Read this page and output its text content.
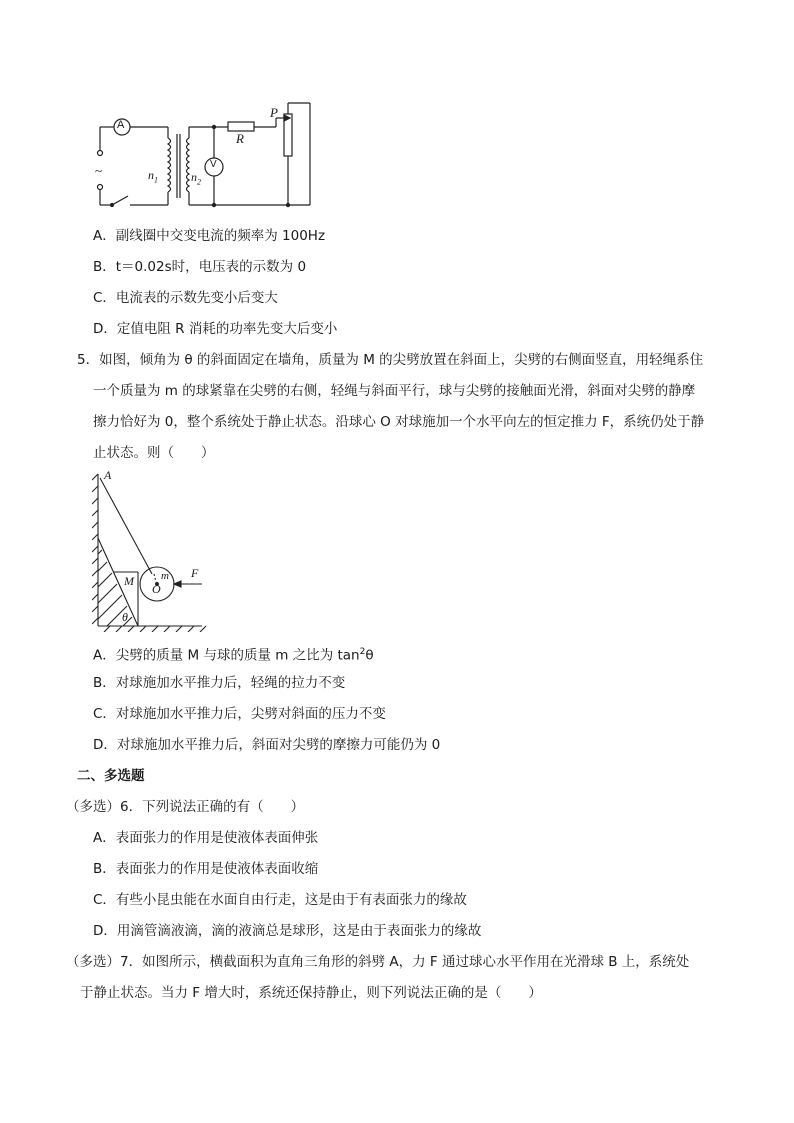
A
V
R
P
~	$n_1$	$n_2$
A．副线圈中交变电流的频率为 100Hz
B．t＝0.02s时，电压表的示数为 0
C．电流表的示数先变小后变大
D．定值电阻 R 消耗的功率先变大后变小
5．如图，倾角为 θ 的斜面固定在墙角，质量为 M 的尖劈放置在斜面上，尖劈的右侧面竖直，用轻绳系住
一个质量为 m 的球紧靠在尖劈的右侧，轻绳与斜面平行，球与尖劈的接触面光滑，斜面对尖劈的静摩
擦力恰好为 0，整个系统处于静止状态。沿球心 O 对球施加一个水平向左的恒定推力 F，系统仍处于静
止状态。则（　　）
A
M m
O
F
θ
A．尖劈的质量 M 与球的质量 m 之比为 $\tan^2\theta$
B．对球施加水平推力后，轻绳的拉力不变
C．对球施加水平推力后，尖劈对斜面的压力不变
D．对球施加水平推力后，斜面对尖劈的摩擦力可能仍为 0
二、多选题
（多选）6．下列说法正确的有（　　）
A．表面张力的作用是使液体表面伸张
B．表面张力的作用是使液体表面收缩
C．有些小昆虫能在水面自由行走，这是由于有表面张力的缘故
D．用滴管滴液滴，滴的液滴总是球形，这是由于表面张力的缘故
（多选）7．如图所示，横截面积为直角三角形的斜劈 A，力 F 通过球心水平作用在光滑球 B 上，系统处
于静止状态。当力 F 增大时，系统还保持静止，则下列说法正确的是（　　）
